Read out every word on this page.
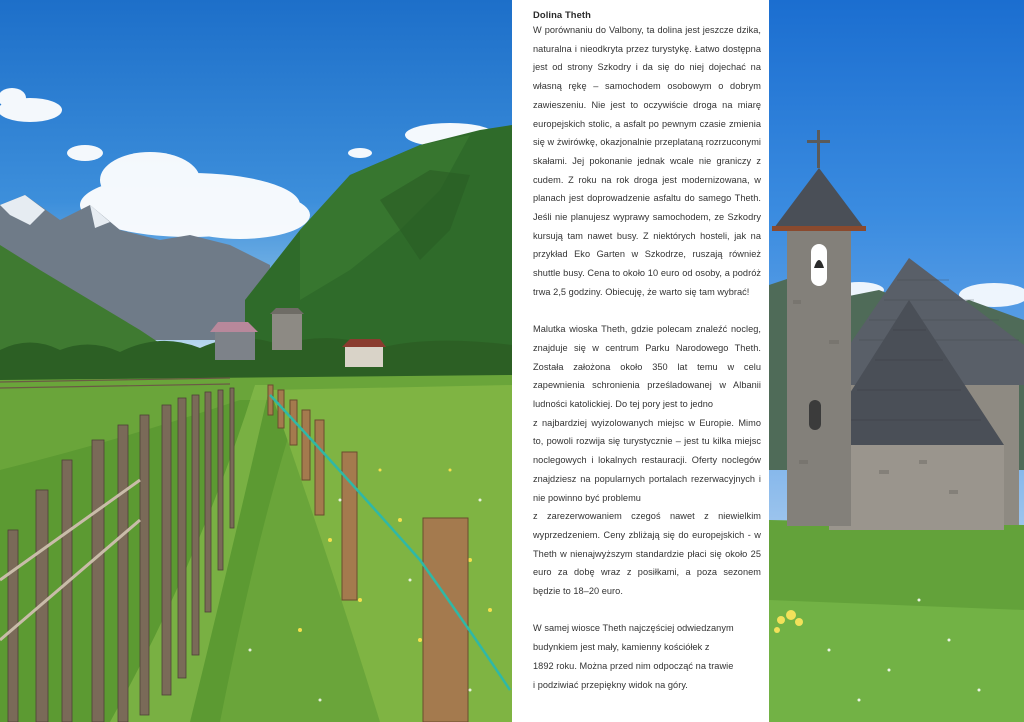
Dolina Theth

W porównaniu do Valbony, ta dolina jest jeszcze dzika, naturalna i nieodkryta przez turystykę. Łatwo dostępna jest od strony Szkodry i da się do niej dojechać na własną rękę – samochodem osobowym o dobrym zawieszeniu. Nie jest to oczywiście droga na miarę europejskich stolic, a asfalt po pewnym czasie zmienia się w żwirówkę, okazjonalnie przeplataną rozrzuconymi skałami. Jej pokonanie jednak wcale nie graniczy z cudem. Z roku na rok droga jest modernizowana, w planach jest doprowadzenie asfaltu do samego Theth. Jeśli nie planujesz wyprawy samochodem, ze Szkodry kursują tam nawet busy. Z niektórych hosteli, jak na przykład Eko Garten w Szkodrze, ruszają również shuttle busy. Cena to około 10 euro od osoby, a podróż trwa 2,5 godziny. Obiecuję, że warto się tam wybrać!

Malutka wioska Theth, gdzie polecam znaleźć nocleg, znajduje się w centrum Parku Narodowego Theth. Została założona około 350 lat temu w celu zapewnienia schronienia prześladowanej w Albanii ludności katolickiej. Do tej pory jest to jedno

z najbardziej wyizolowanych miejsc w Europie. Mimo to, powoli rozwija się turystycznie – jest tu kilka miejsc noclegowych i lokalnych restauracji. Oferty noclegów znajdziesz na popularnych portalach rezerwacyjnych i nie powinno być problemu

z zarezerwowaniem czegoś nawet z niewielkim wyprzedzeniem. Ceny zbliżają się do europejskich - w Theth w nienajwyższym standardzie płaci się około 25 euro za dobę wraz z posiłkami, a poza sezonem będzie to 18–20 euro.

W samej wiosce Theth najczęściej odwiedzanym
budynkiem jest mały, kamienny kościółek z
1892 roku. Można przed nim odpocząć na trawie
i podziwiać przepiękny widok na góry.
